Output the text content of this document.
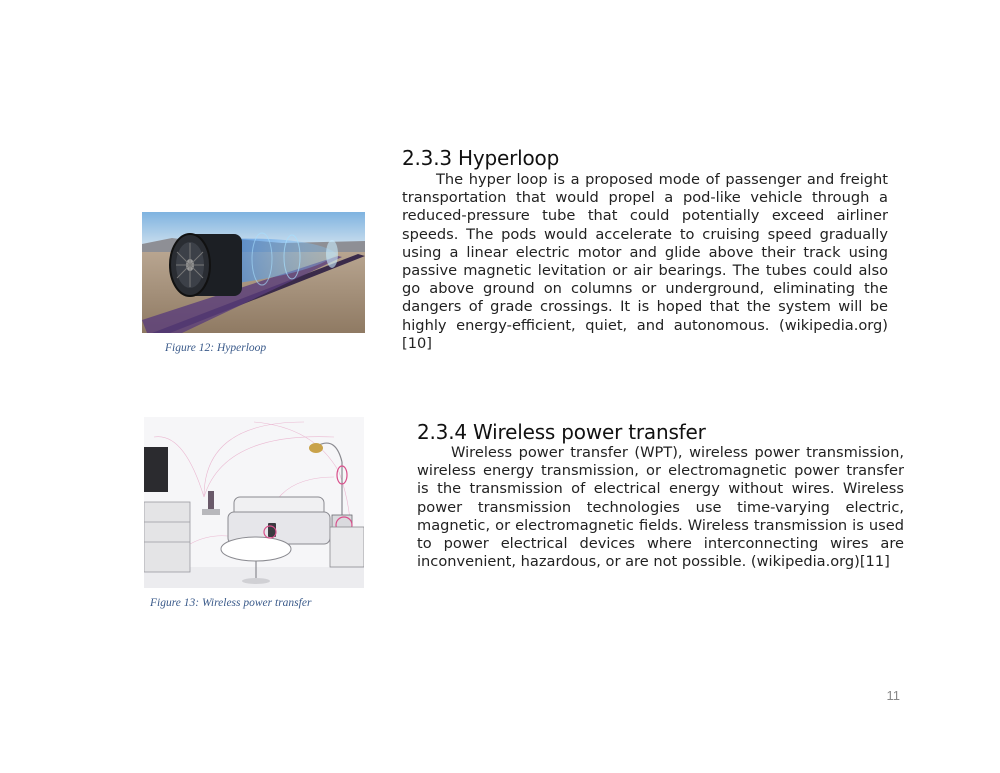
2.3.3 Hyperloop

The hyper loop is a proposed mode of passenger and freight transportation that would propel a pod-like vehicle through a reduced-pressure tube that could potentially exceed airliner speeds. The pods would accelerate to cruising speed gradually using a linear electric motor and glide above their track using passive magnetic levitation or air bearings. The tubes could also go above ground on columns or underground, eliminating the dangers of grade crossings. It is hoped that the system will be highly energy-efficient, quiet, and autonomous. (wikipedia.org)[10]

Figure 12: Hyperloop

2.3.4 Wireless power transfer

Wireless power transfer (WPT), wireless power transmission, wireless energy transmission, or electromagnetic power transfer is the transmission of electrical energy without wires. Wireless power transmission technologies use time-varying electric, magnetic, or electromagnetic fields. Wireless transmission is used to power electrical devices where interconnecting wires are inconvenient, hazardous, or are not possible. (wikipedia.org)[11]

Figure 13: Wireless power transfer

11
